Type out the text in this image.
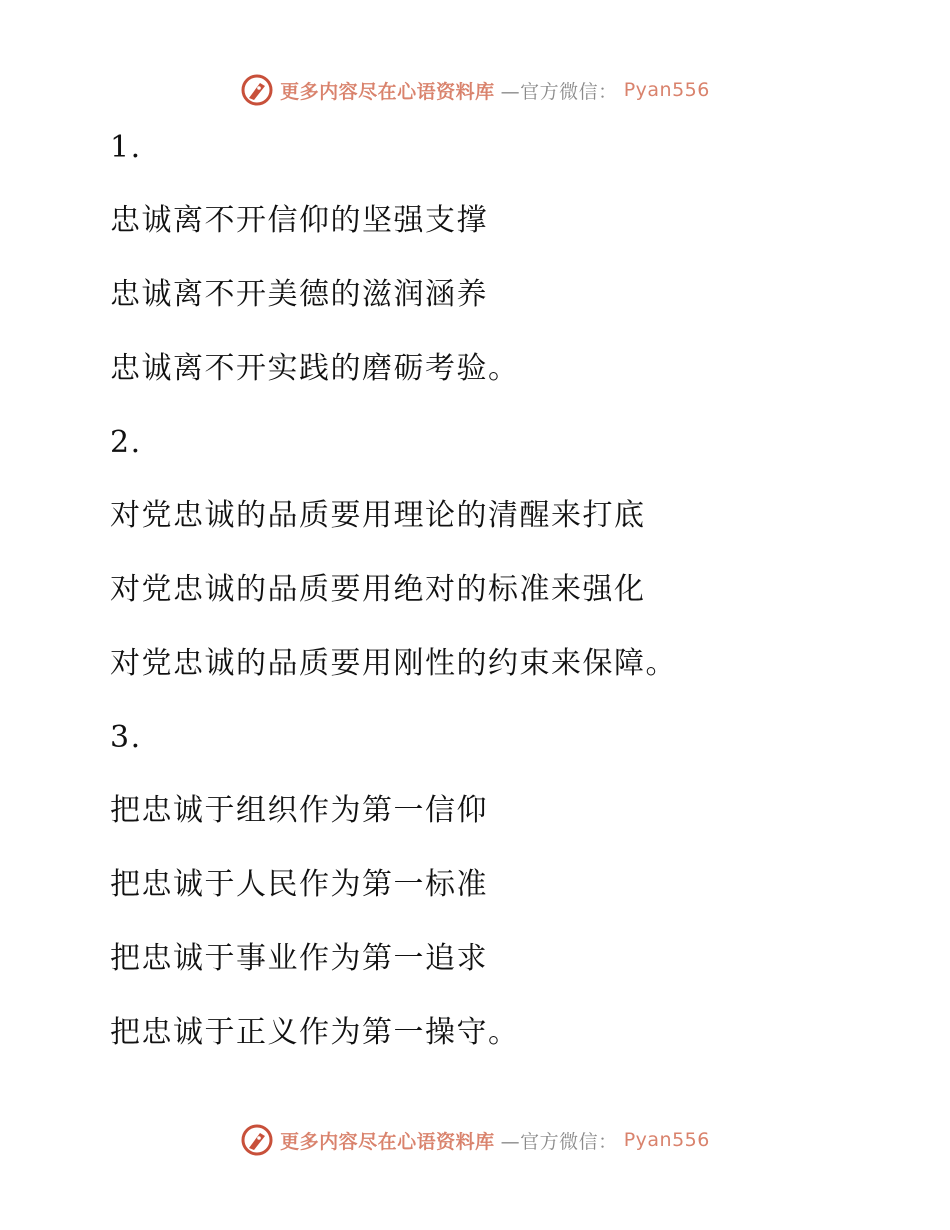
更多内容尽在心语资料库 —官方微信： Pyan556
1.
忠诚离不开信仰的坚强支撑
忠诚离不开美德的滋润涵养
忠诚离不开实践的磨砺考验。
2.
对党忠诚的品质要用理论的清醒来打底
对党忠诚的品质要用绝对的标准来强化
对党忠诚的品质要用刚性的约束来保障。
3.
把忠诚于组织作为第一信仰
把忠诚于人民作为第一标准
把忠诚于事业作为第一追求
把忠诚于正义作为第一操守。
更多内容尽在心语资料库 —官方微信： Pyan556
